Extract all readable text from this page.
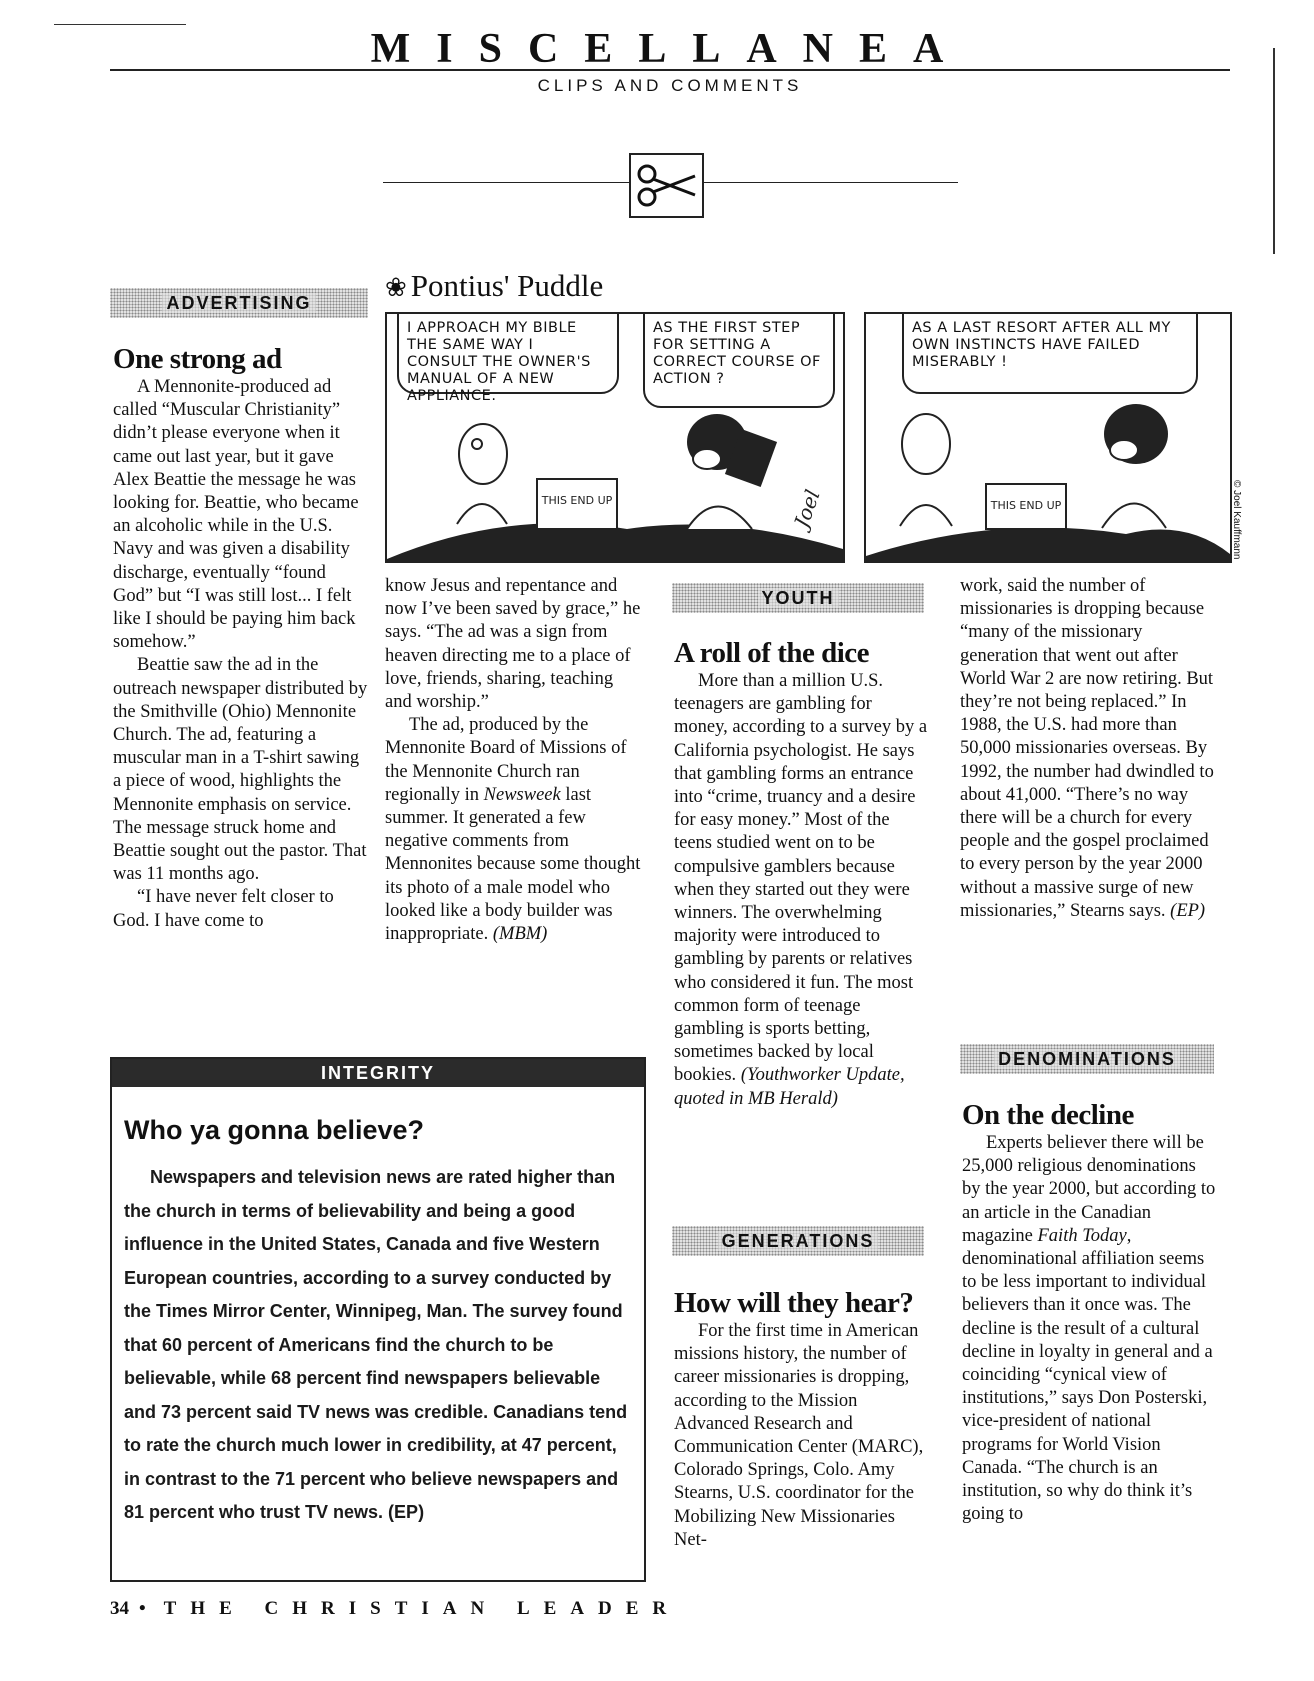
MISCELLANEA
CLIPS AND COMMENTS
ADVERTISING
One strong ad

A Mennonite-produced ad called “Muscular Christianity” didn’t please everyone when it came out last year, but it gave Alex Beattie the message he was looking for. Beattie, who became an alcoholic while in the U.S. Navy and was given a disability discharge, eventually “found God” but “I was still lost... I felt like I should be paying him back somehow.”

Beattie saw the ad in the outreach newspaper distributed by the Smithville (Ohio) Mennonite Church. The ad, featuring a muscular man in a T-shirt sawing a piece of wood, highlights the Mennonite emphasis on service. The message struck home and Beattie sought out the pastor. That was 11 months ago.

“I have never felt closer to God. I have come to

❀ Pontius' Puddle
I APPROACH MY BIBLE THE SAME WAY I CONSULT THE OWNER'S MANUAL OF A NEW APPLIANCE.
AS THE FIRST STEP FOR SETTING A CORRECT COURSE OF ACTION ?
THIS END UP	Joel
AS A LAST RESORT AFTER ALL MY OWN INSTINCTS HAVE FAILED MISERABLY !
THIS END UP	© Joel Kauffmann

know Jesus and repentance and now I’ve been saved by grace,” he says. “The ad was a sign from heaven directing me to a place of love, friends, sharing, teaching and worship.”

The ad, produced by the Mennonite Board of Missions of the Mennonite Church ran regionally in Newsweek last summer. It generated a few negative comments from Mennonites because some thought its photo of a male model who looked like a body builder was inappropriate. (MBM)

INTEGRITY
Who ya gonna believe?

Newspapers and television news are rated higher than the church in terms of believability and being a good influence in the United States, Canada and five Western European countries, according to a survey conducted by the Times Mirror Center, Winnipeg, Man. The survey found that 60 percent of Americans find the church to be believable, while 68 percent find newspapers believable and 73 percent said TV news was credible. Canadians tend to rate the church much lower in credibility, at 47 percent, in contrast to the 71 percent who believe newspapers and 81 percent who trust TV news. (EP)

YOUTH
A roll of the dice

More than a million U.S. teenagers are gambling for money, according to a survey by a California psychologist. He says that gambling forms an entrance into “crime, truancy and a desire for easy money.” Most of the teens studied went on to be compulsive gamblers because when they started out they were winners. The overwhelming majority were introduced to gambling by parents or relatives who considered it fun. The most common form of teenage gambling is sports betting, sometimes backed by local bookies. (Youthworker Update, quoted in MB Herald)

GENERATIONS
How will they hear?

For the first time in American missions history, the number of career missionaries is dropping, according to the Mission Advanced Research and Communication Center (MARC), Colorado Springs, Colo. Amy Stearns, U.S. coordinator for the Mobilizing New Missionaries Net-

work, said the number of missionaries is dropping because “many of the missionary generation that went out after World War 2 are now retiring. But they’re not being replaced.” In 1988, the U.S. had more than 50,000 missionaries overseas. By 1992, the number had dwindled to about 41,000. “There’s no way there will be a church for every people and the gospel proclaimed to every person by the year 2000 without a massive surge of new missionaries,” Stearns says. (EP)

DENOMINATIONS
On the decline

Experts believer there will be 25,000 religious denominations by the year 2000, but according to an article in the Canadian magazine Faith Today, denominational affiliation seems to be less important to individual believers than it once was. The decline is the result of a cultural decline in loyalty in general and a coinciding “cynical view of institutions,” says Don Posterski, vice-president of national programs for World Vision Canada. “The church is an institution, so why do think it’s going to

34 • THE CHRISTIAN LEADER
